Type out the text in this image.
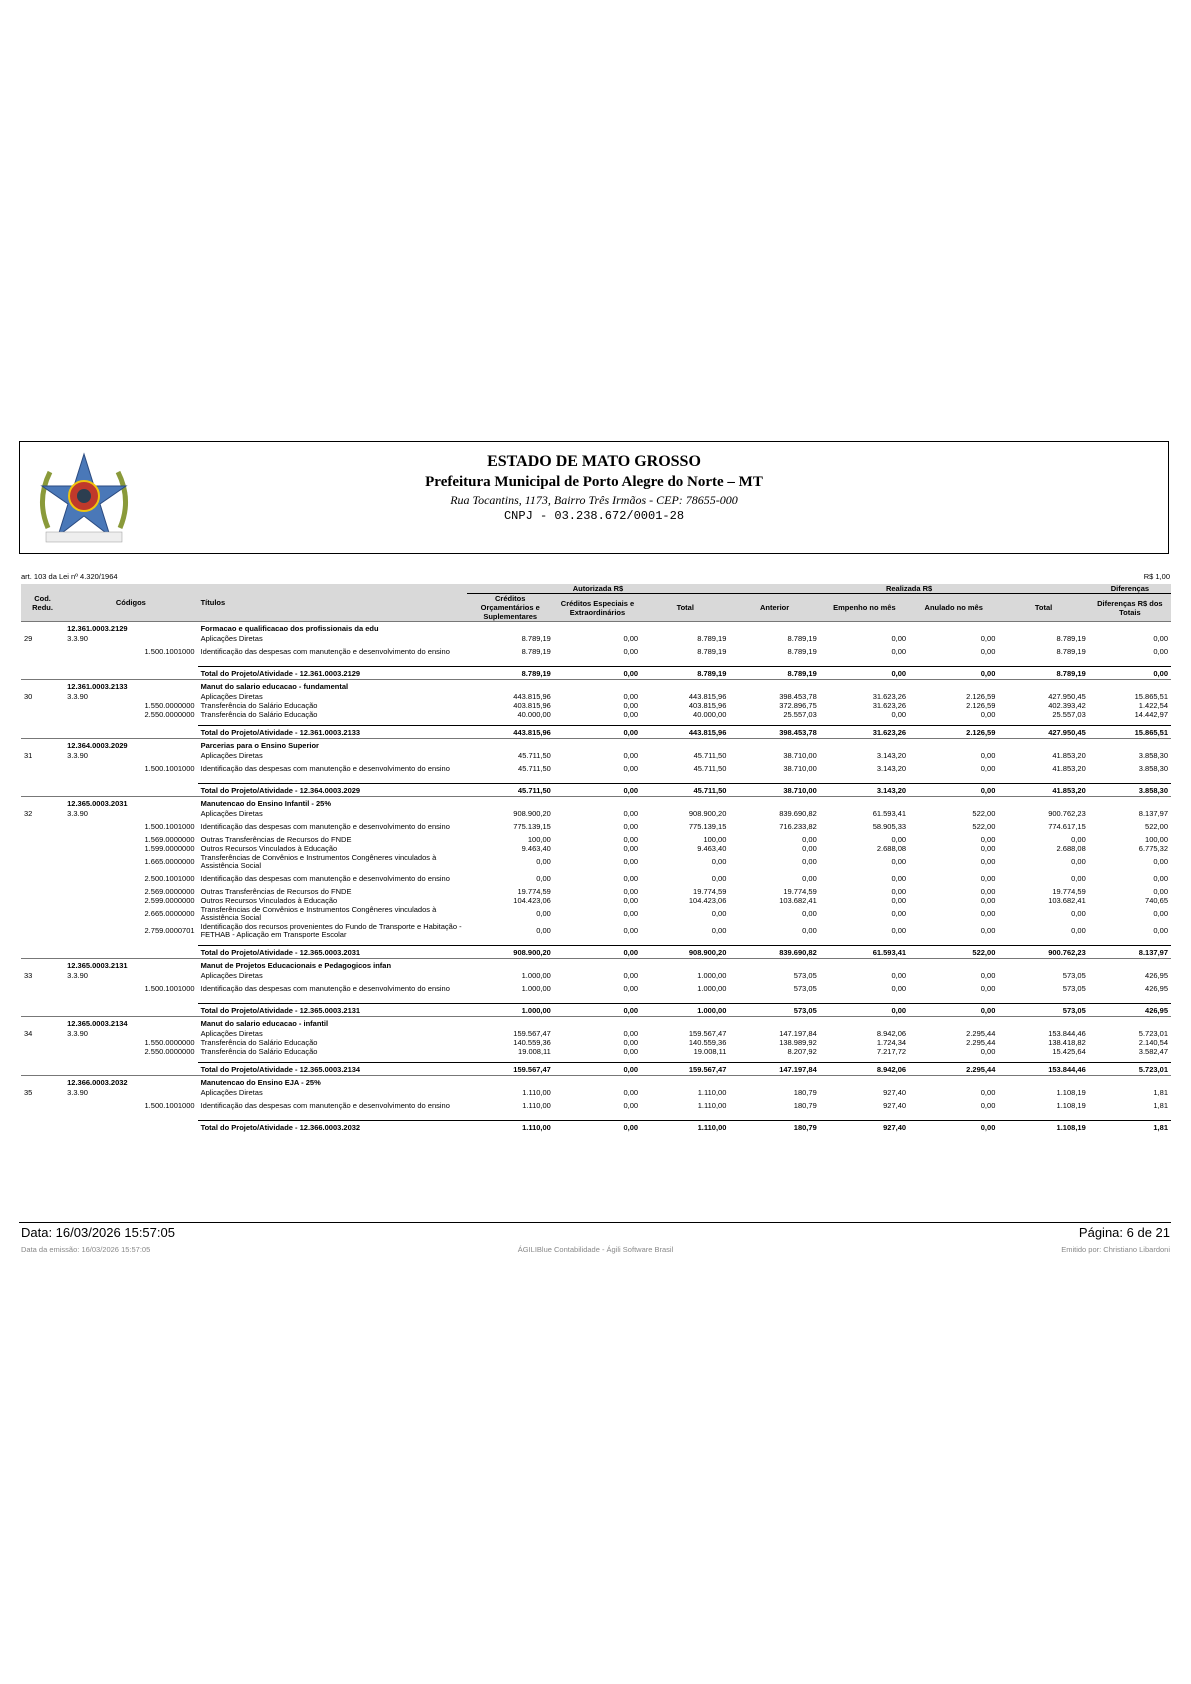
ESTADO DE MATO GROSSO
Prefeitura Municipal de Porto Alegre do Norte – MT
Rua Tocantins, 1173, Bairro Três Irmãos - CEP: 78655-000
CNPJ - 03.238.672/0001-28
art. 103 da Lei nº 4.320/1964	R$ 1,00
Cod. Redu.	Códigos	Títulos	Autorizada R$			Realizada R$				Diferenças
			Créditos Orçamentários e Suplementares	Créditos Especiais e Extraordinários	Total	Anterior	Empenho no mês	Anulado no mês	Total	Diferenças R$ dos Totais
	12.361.0003.2129	Formacao e qualificacao dos profissionais da edu								
29	3.3.90	Aplicações Diretas	8.789,19	0,00	8.789,19	8.789,19	0,00	0,00	8.789,19	0,00
	1.500.1001000	Identificação das despesas com manutenção e desenvolvimento do ensino	8.789,19	0,00	8.789,19	8.789,19	0,00	0,00	8.789,19	0,00

		Total do Projeto/Atividade - 12.361.0003.2129	8.789,19	0,00	8.789,19	8.789,19	0,00	0,00	8.789,19	0,00
	12.361.0003.2133	Manut do salario educacao - fundamental								
30	3.3.90	Aplicações Diretas	443.815,96	0,00	443.815,96	398.453,78	31.623,26	2.126,59	427.950,45	15.865,51
	1.550.0000000	Transferência do Salário Educação	403.815,96	0,00	403.815,96	372.896,75	31.623,26	2.126,59	402.393,42	1.422,54
	2.550.0000000	Transferência do Salário Educação	40.000,00	0,00	40.000,00	25.557,03	0,00	0,00	25.557,03	14.442,97

		Total do Projeto/Atividade - 12.361.0003.2133	443.815,96	0,00	443.815,96	398.453,78	31.623,26	2.126,59	427.950,45	15.865,51
	12.364.0003.2029	Parcerias para o Ensino Superior								
31	3.3.90	Aplicações Diretas	45.711,50	0,00	45.711,50	38.710,00	3.143,20	0,00	41.853,20	3.858,30
	1.500.1001000	Identificação das despesas com manutenção e desenvolvimento do ensino	45.711,50	0,00	45.711,50	38.710,00	3.143,20	0,00	41.853,20	3.858,30

		Total do Projeto/Atividade - 12.364.0003.2029	45.711,50	0,00	45.711,50	38.710,00	3.143,20	0,00	41.853,20	3.858,30
	12.365.0003.2031	Manutencao do Ensino Infantil - 25%								
32	3.3.90	Aplicações Diretas	908.900,20	0,00	908.900,20	839.690,82	61.593,41	522,00	900.762,23	8.137,97
	1.500.1001000	Identificação das despesas com manutenção e desenvolvimento do ensino	775.139,15	0,00	775.139,15	716.233,82	58.905,33	522,00	774.617,15	522,00
	1.569.0000000	Outras Transferências de Recursos do FNDE	100,00	0,00	100,00	0,00	0,00	0,00	0,00	100,00
	1.599.0000000	Outros Recursos Vinculados à Educação	9.463,40	0,00	9.463,40	0,00	2.688,08	0,00	2.688,08	6.775,32
	1.665.0000000	Transferências de Convênios e Instrumentos Congêneres vinculados à Assistência Social	0,00	0,00	0,00	0,00	0,00	0,00	0,00	0,00
	2.500.1001000	Identificação das despesas com manutenção e desenvolvimento do ensino	0,00	0,00	0,00	0,00	0,00	0,00	0,00	0,00
	2.569.0000000	Outras Transferências de Recursos do FNDE	19.774,59	0,00	19.774,59	19.774,59	0,00	0,00	19.774,59	0,00
	2.599.0000000	Outros Recursos Vinculados à Educação	104.423,06	0,00	104.423,06	103.682,41	0,00	0,00	103.682,41	740,65
	2.665.0000000	Transferências de Convênios e Instrumentos Congêneres vinculados à Assistência Social	0,00	0,00	0,00	0,00	0,00	0,00	0,00	0,00
	2.759.0000701	Identificação dos recursos provenientes do Fundo de Transporte e Habitação - FETHAB - Aplicação em Transporte Escolar	0,00	0,00	0,00	0,00	0,00	0,00	0,00	0,00

		Total do Projeto/Atividade - 12.365.0003.2031	908.900,20	0,00	908.900,20	839.690,82	61.593,41	522,00	900.762,23	8.137,97
	12.365.0003.2131	Manut de Projetos Educacionais e Pedagogicos infan								
33	3.3.90	Aplicações Diretas	1.000,00	0,00	1.000,00	573,05	0,00	0,00	573,05	426,95
	1.500.1001000	Identificação das despesas com manutenção e desenvolvimento do ensino	1.000,00	0,00	1.000,00	573,05	0,00	0,00	573,05	426,95

		Total do Projeto/Atividade - 12.365.0003.2131	1.000,00	0,00	1.000,00	573,05	0,00	0,00	573,05	426,95
	12.365.0003.2134	Manut do salario educacao - infantil								
34	3.3.90	Aplicações Diretas	159.567,47	0,00	159.567,47	147.197,84	8.942,06	2.295,44	153.844,46	5.723,01
	1.550.0000000	Transferência do Salário Educação	140.559,36	0,00	140.559,36	138.989,92	1.724,34	2.295,44	138.418,82	2.140,54
	2.550.0000000	Transferência do Salário Educação	19.008,11	0,00	19.008,11	8.207,92	7.217,72	0,00	15.425,64	3.582,47

		Total do Projeto/Atividade - 12.365.0003.2134	159.567,47	0,00	159.567,47	147.197,84	8.942,06	2.295,44	153.844,46	5.723,01
	12.366.0003.2032	Manutencao do Ensino EJA - 25%								
35	3.3.90	Aplicações Diretas	1.110,00	0,00	1.110,00	180,79	927,40	0,00	1.108,19	1,81
	1.500.1001000	Identificação das despesas com manutenção e desenvolvimento do ensino	1.110,00	0,00	1.110,00	180,79	927,40	0,00	1.108,19	1,81

		Total do Projeto/Atividade - 12.366.0003.2032	1.110,00	0,00	1.110,00	180,79	927,40	0,00	1.108,19	1,81
Data: 16/03/2026 15:57:05	Página: 6 de 21
Data da emissão: 16/03/2026 15:57:05	ÁGILIBlue Contabilidade - Ágili Software Brasil	Emitido por: Christiano Libardoni
